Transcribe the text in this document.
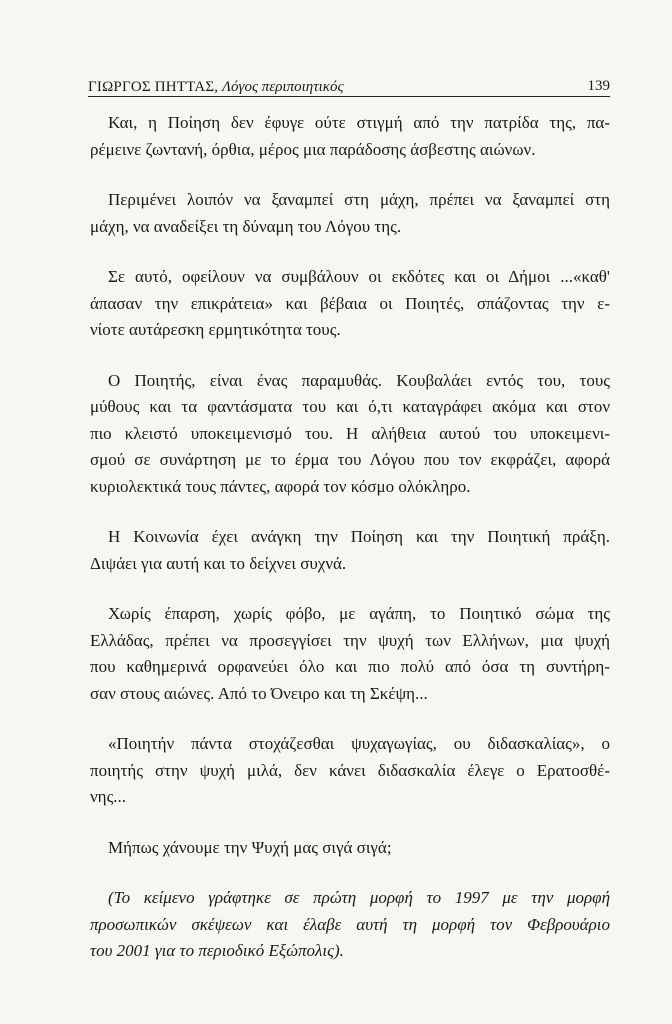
ΓΙΩΡΓΟΣ ΠΗΤΤΑΣ, Λόγος περιποιητικός	139

Και, η Ποίηση δεν έφυγε ούτε στιγμή από την πατρίδα της, πα-
ρέμεινε ζωντανή, όρθια, μέρος μια παράδοσης άσβεστης αιώνων.

Περιμένει λοιπόν να ξαναμπεί στη μάχη, πρέπει να ξαναμπεί στη
μάχη, να αναδείξει τη δύναμη του Λόγου της.

Σε αυτό, οφείλουν να συμβάλουν οι εκδότες και οι Δήμοι ...«καθ'
άπασαν την επικράτεια» και βέβαια οι Ποιητές, σπάζοντας την ε-
νίοτε αυτάρεσκη ερμητικότητα τους.

Ο Ποιητής, είναι ένας παραμυθάς. Κουβαλάει εντός του, τους
μύθους και τα φαντάσματα του και ό,τι καταγράφει ακόμα και στον
πιο κλειστό υποκειμενισμό του. Η αλήθεια αυτού του υποκειμενι-
σμού σε συνάρτηση με το έρμα του Λόγου που τον εκφράζει, αφορά
κυριολεκτικά τους πάντες, αφορά τον κόσμο ολόκληρο.

Η Κοινωνία έχει ανάγκη την Ποίηση και την Ποιητική πράξη.
Διψάει για αυτή και το δείχνει συχνά.

Χωρίς έπαρση, χωρίς φόβο, με αγάπη, το Ποιητικό σώμα της
Ελλάδας, πρέπει να προσεγγίσει την ψυχή των Ελλήνων, μια ψυχή
που καθημερινά ορφανεύει όλο και πιο πολύ από όσα τη συντήρη-
σαν στους αιώνες. Από το Όνειρο και τη Σκέψη...

«Ποιητήν πάντα στοχάζεσθαι ψυχαγωγίας, ου διδασκαλίας», ο
ποιητής στην ψυχή μιλά, δεν κάνει διδασκαλία έλεγε ο Ερατοσθέ-
νης...

Μήπως χάνουμε την Ψυχή μας σιγά σιγά;

(Το κείμενο γράφτηκε σε πρώτη μορφή το 1997 με την μορφή
προσωπικών σκέψεων και έλαβε αυτή τη μορφή τον Φεβρουάριο
του 2001 για το περιοδικό Εξώπολις).
